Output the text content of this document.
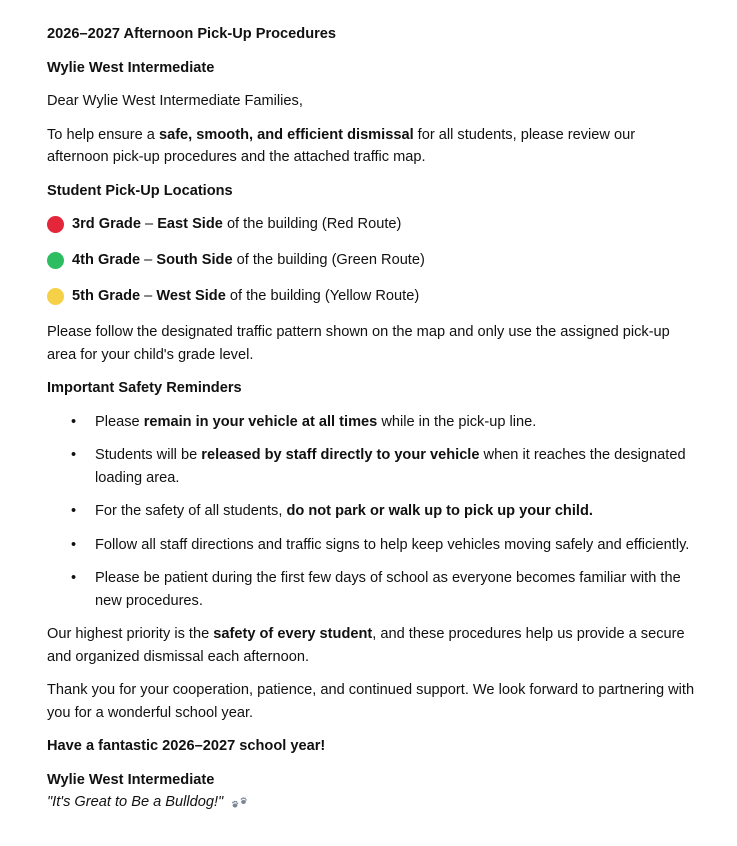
2026–2027 Afternoon Pick-Up Procedures

Wylie West Intermediate

Dear Wylie West Intermediate Families,

To help ensure a safe, smooth, and efficient dismissal for all students, please review our afternoon pick-up procedures and the attached traffic map.

Student Pick-Up Locations

3rd Grade – East Side of the building (Red Route)
4th Grade – South Side of the building (Green Route)
5th Grade – West Side of the building (Yellow Route)

Please follow the designated traffic pattern shown on the map and only use the assigned pick-up area for your child's grade level.

Important Safety Reminders

• Please remain in your vehicle at all times while in the pick-up line.
• Students will be released by staff directly to your vehicle when it reaches the designated loading area.
• For the safety of all students, do not park or walk up to pick up your child.
• Follow all staff directions and traffic signs to help keep vehicles moving safely and efficiently.
• Please be patient during the first few days of school as everyone becomes familiar with the new procedures.

Our highest priority is the safety of every student, and these procedures help us provide a secure and organized dismissal each afternoon.

Thank you for your cooperation, patience, and continued support. We look forward to partnering with you for a wonderful school year.

Have a fantastic 2026–2027 school year!

Wylie West Intermediate

"It's Great to Be a Bulldog!"
